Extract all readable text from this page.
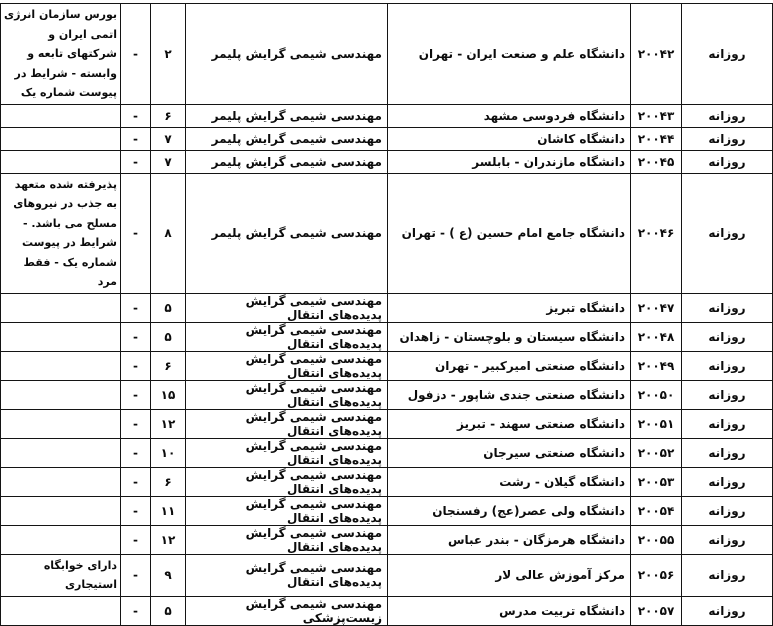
روزانه	۲۰۰۴۲	دانشگاه علم و صنعت ایران - تهران	مهندسی شیمی گرایش پلیمر	۲	-	بورس سازمان انرژی اتمی ایران و شرکتهای تابعه و وابسته - شرایط در پیوست شماره یک
روزانه	۲۰۰۴۳	دانشگاه فردوسی مشهد	مهندسی شیمی گرایش پلیمر	۶	-	
روزانه	۲۰۰۴۴	دانشگاه کاشان	مهندسی شیمی گرایش پلیمر	۷	-	
روزانه	۲۰۰۴۵	دانشگاه مازندران - بابلسر	مهندسی شیمی گرایش پلیمر	۷	-	
روزانه	۲۰۰۴۶	دانشگاه جامع امام حسین (ع ) - تهران	مهندسی شیمی گرایش پلیمر	۸	-	پذیرفته شده متعهد به جذب در نیروهای مسلح می باشد. - شرایط در پیوست شماره یک - فقط مرد
روزانه	۲۰۰۴۷	دانشگاه تبریز	مهندسی شیمی گرایش پدیده‌های انتقال	۵	-	
روزانه	۲۰۰۴۸	دانشگاه سیستان و بلوچستان - زاهدان	مهندسی شیمی گرایش پدیده‌های انتقال	۵	-	
روزانه	۲۰۰۴۹	دانشگاه صنعتی امیرکبیر - تهران	مهندسی شیمی گرایش پدیده‌های انتقال	۶	-	
روزانه	۲۰۰۵۰	دانشگاه صنعتی جندی شاپور - دزفول	مهندسی شیمی گرایش پدیده‌های انتقال	۱۵	-	
روزانه	۲۰۰۵۱	دانشگاه صنعتی سهند - تبریز	مهندسی شیمی گرایش پدیده‌های انتقال	۱۲	-	
روزانه	۲۰۰۵۲	دانشگاه صنعتی سیرجان	مهندسی شیمی گرایش پدیده‌های انتقال	۱۰	-	
روزانه	۲۰۰۵۳	دانشگاه گیلان - رشت	مهندسی شیمی گرایش پدیده‌های انتقال	۶	-	
روزانه	۲۰۰۵۴	دانشگاه ولی عصر(عج) رفسنجان	مهندسی شیمی گرایش پدیده‌های انتقال	۱۱	-	
روزانه	۲۰۰۵۵	دانشگاه هرمزگان - بندر عباس	مهندسی شیمی گرایش پدیده‌های انتقال	۱۲	-	
روزانه	۲۰۰۵۶	مرکز آموزش عالی لار	مهندسی شیمی گرایش پدیده‌های انتقال	۹	-	دارای خوابگاه استیجاری
روزانه	۲۰۰۵۷	دانشگاه تربیت مدرس	مهندسی شیمی گرایش زیست‌پزشکی	۵	-	
